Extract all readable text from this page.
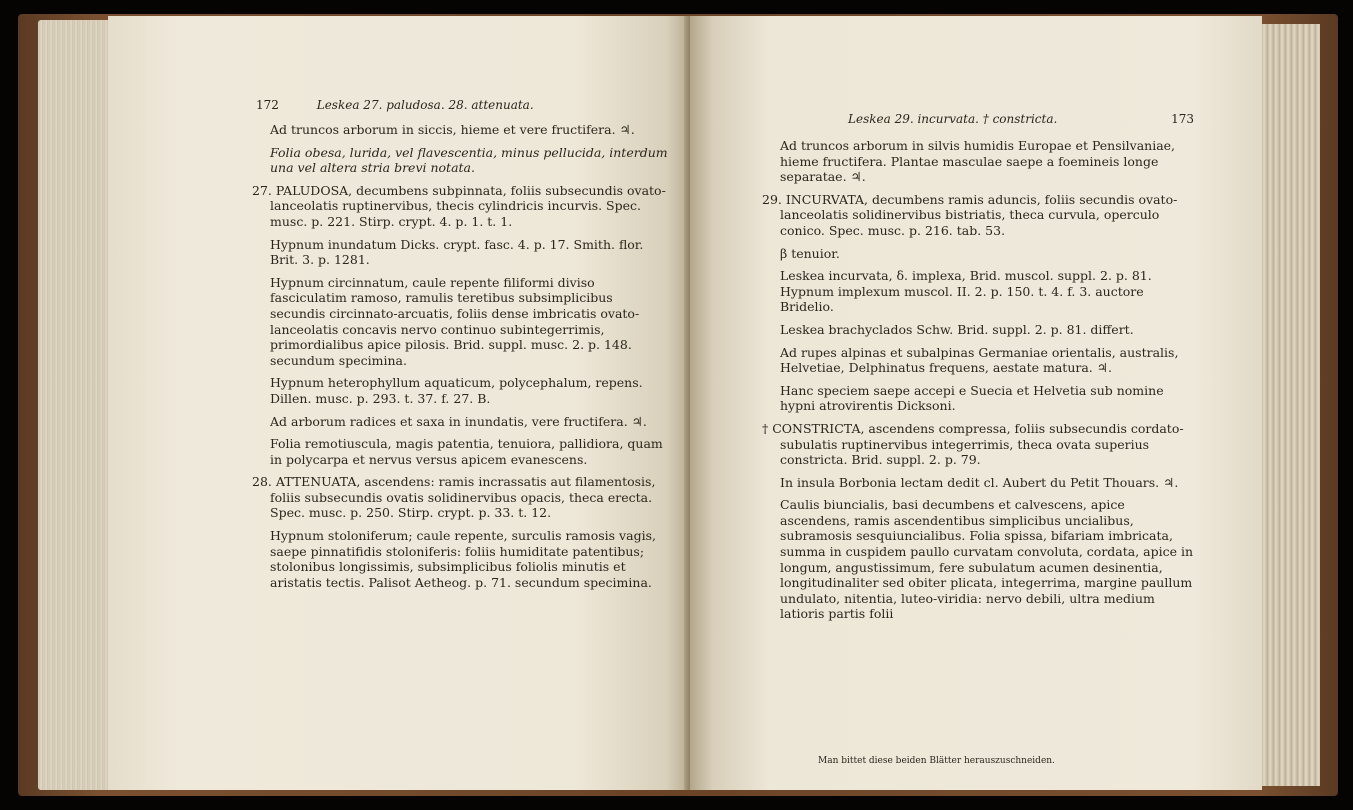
172	Leskea 27. paludosa. 28. attenuata.

Ad truncos arborum in siccis, hieme et vere fructifera. ♃.

Folia obesa, lurida, vel flavescentia, minus pellucida, interdum una vel altera stria brevi notata.

27. PALUDOSA, decumbens subpinnata, foliis subsecundis ovato-lanceolatis ruptinervibus, thecis cylindricis incurvis. Spec. musc. p. 221. Stirp. crypt. 4. p. 1. t. 1.

Hypnum inundatum Dicks. crypt. fasc. 4. p. 17. Smith. flor. Brit. 3. p. 1281.

Hypnum circinnatum, caule repente filiformi diviso fasciculatim ramoso, ramulis teretibus subsimplicibus secundis circinnato-arcuatis, foliis dense imbricatis ovato-lanceolatis concavis nervo continuo subintegerrimis, primordialibus apice pilosis. Brid. suppl. musc. 2. p. 148. secundum specimina.

Hypnum heterophyllum aquaticum, polycephalum, repens. Dillen. musc. p. 293. t. 37. f. 27. B.

Ad arborum radices et saxa in inundatis, vere fructifera. ♃.

Folia remotiuscula, magis patentia, tenuiora, pallidiora, quam in polycarpa et nervus versus apicem evanescens.

28. ATTENUATA, ascendens: ramis incrassatis aut filamentosis, foliis subsecundis ovatis solidinervibus opacis, theca erecta. Spec. musc. p. 250. Stirp. crypt. p. 33. t. 12.

Hypnum stoloniferum; caule repente, surculis ramosis vagis, saepe pinnatifidis stoloniferis: foliis humiditate patentibus; stolonibus longissimis, subsimplicibus foliolis minutis et aristatis tectis. Palisot Aetheog. p. 71. secundum specimina.

Leskea 29. incurvata. † constricta.	173

Ad truncos arborum in silvis humidis Europae et Pensilvaniae, hieme fructifera. Plantae masculae saepe a foemineis longe separatae. ♃.

29. INCURVATA, decumbens ramis aduncis, foliis secundis ovato-lanceolatis solidinervibus bistriatis, theca curvula, operculo conico. Spec. musc. p. 216. tab. 53.

β tenuior.

Leskea incurvata, δ. implexa, Brid. muscol. suppl. 2. p. 81. Hypnum implexum muscol. II. 2. p. 150. t. 4. f. 3. auctore Bridelio.

Leskea brachyclados Schw. Brid. suppl. 2. p. 81. differt.

Ad rupes alpinas et subalpinas Germaniae orientalis, australis, Helvetiae, Delphinatus frequens, aestate matura. ♃.

Hanc speciem saepe accepi e Suecia et Helvetia sub nomine hypni atrovirentis Dicksoni.

† CONSTRICTA, ascendens compressa, foliis subsecundis cordato-subulatis ruptinervibus integerrimis, theca ovata superius constricta. Brid. suppl. 2. p. 79.

In insula Borbonia lectam dedit cl. Aubert du Petit Thouars. ♃.

Caulis biuncialis, basi decumbens et calvescens, apice ascendens, ramis ascendentibus simplicibus uncialibus, subramosis sesquiuncialibus. Folia spissa, bifariam imbricata, summa in cuspidem paullo curvatam convoluta, cordata, apice in longum, angustissimum, fere subulatum acumen desinentia, longitudinaliter sed obiter plicata, integerrima, margine paullum undulato, nitentia, luteo-viridia: nervo debili, ultra medium latioris partis folii

Man bittet diese beiden Blätter herauszuschneiden.
